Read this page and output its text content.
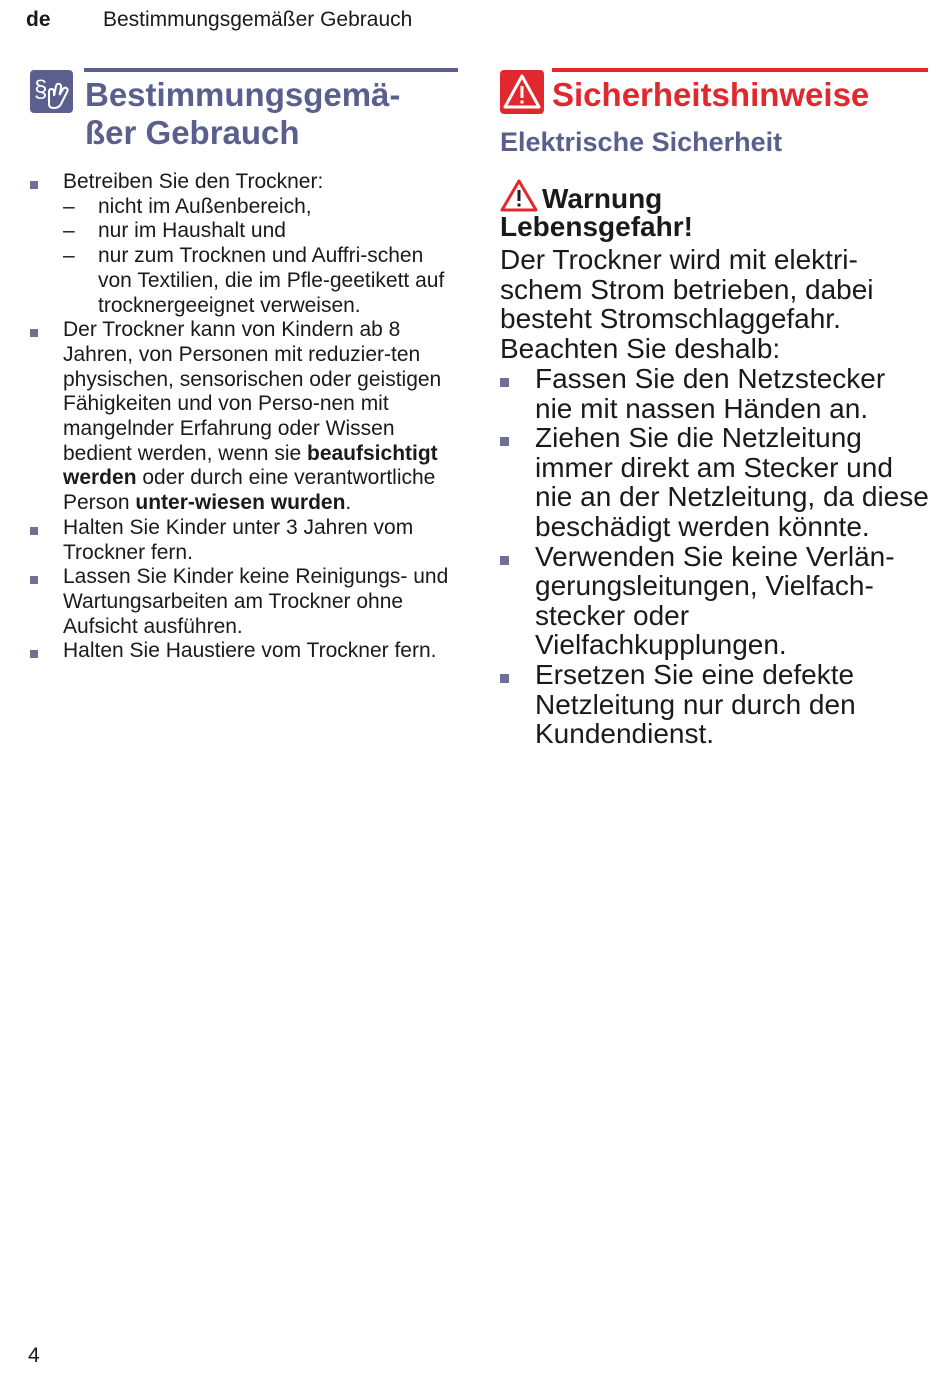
de Bestimmungsgemäßer Gebrauch
§ Bestimmungsgemä-
ßer Gebrauch
Betreiben Sie den Trockner:
– nicht im Außenbereich,
– nur im Haushalt und
– nur zum Trocknen und Auffri-schen von Textilien, die im Pfle-geetikett auf trocknergeeignet verweisen.
Der Trockner kann von Kindern ab 8 Jahren, von Personen mit reduzier-ten physischen, sensorischen oder geistigen Fähigkeiten und von Perso-nen mit mangelnder Erfahrung oder Wissen bedient werden, wenn sie beaufsichtigt werden oder durch eine verantwortliche Person unter-wiesen wurden.
Halten Sie Kinder unter 3 Jahren vom Trockner fern.
Lassen Sie Kinder keine Reinigungs- und Wartungsarbeiten am Trockner ohne Aufsicht ausführen.
Halten Sie Haustiere vom Trockner fern.
Sicherheitshinweise
Elektrische Sicherheit
Warnung
Lebensgefahr!
Der Trockner wird mit elektri-schem Strom betrieben, dabei besteht Stromschlaggefahr. Beachten Sie deshalb:
Fassen Sie den Netzstecker nie mit nassen Händen an.
Ziehen Sie die Netzleitung immer direkt am Stecker und nie an der Netzleitung, da diese beschädigt werden könnte.
Verwenden Sie keine Verlän-gerungsleitungen, Vielfach-stecker oder Vielfachkupplungen.
Ersetzen Sie eine defekte Netzleitung nur durch den Kundendienst.
4
